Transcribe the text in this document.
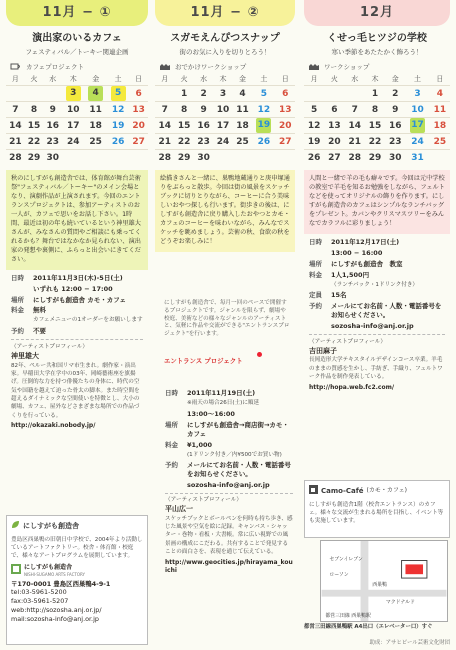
11月 − ①
演出家のいるカフェ
フェスティバル／トーキー関連企画
カフェプロジェクト
月	火	水	木	金	土	日
			3	4	5	6
7	8	9	10	11	12	13
14	15	16	17	18	19	20
21	22	23	24	25	26	27
28	29	30				
秋のにしすがも創造舎では、体育館が舞台芸術祭"フェスティバル／トーキー"のメイン会場となり、演劇作品が上演されます。今回のエントランスプロジェクトは、参加アーティストのお一人が、カフェで思いをお話し下さい。1時間、最近は初の年も続いているという神里雄大さんが、みなさんの質問やご相談にも乗ってくれるかも？舞台ではなかなか見られない、演出家の発想や裏側に、ふらっと出会いにきてください。
日時	2011年11月3日(木)-5日(土)
いずれも 12:00 − 17:00
場所	にしすがも創造舎 カモ・カフェ
料金	無料
カフェメニューの1オーダーをお願いします
予約	不要
（アーティストプロフィール）
神里雄大
82年、ペルー共和国リマ市生まれ。劇作家・演出家。早稲田大学在学中の03年、岡崎藝術座を旗揚げ。圧倒的な力を持つ俳優たちの身体に、時代の空気や国籍を越えて迫った骨太の脚本。また時空間を超えるダイナミックな空間使いを特徴とし、大小の劇場、カフェ、屋外などさまざまな場所での作品づくりを行っている。
http://okazaki.nobody.jp/
にしすがも創造舎
豊島区西巣鴨の旧朝日中学校で、2004年より活動しているアートファクトリー。校舎・体育館・校庭で、様々なアートプログラムを展開しています。
にしすがも創造舎
NISHI-SUGAMO ARTS FACTORY
〒170-0001 豊島区西巣鴨4-9-1
tel:03-5961-5200
fax:03-5961-5207
web:http://sozosha.anj.or.jp/
mail:sozosha-info@anj.or.jp
11月 − ②
スガモえんぴつスナップ
街のお気に入りを切りとろう！
おでかけワークショップ
月	火	水	木	金	土	日
	1	2	3	4	5	6
7	8	9	10	11	12	13
14	15	16	17	18	19	20
21	22	23	24	25	26	27
28	29	30				
絵描きさんと一緒に、巣鴨地蔵通りと庚申塚通りをぶらっと散歩。今回は街の風景をスケッチブックに切りとりながら、コーヒーに合う美味しいおやつ探しも行います。街歩きの後は、にしすがも創造舎に戻り購入したおやつとカモ・カフェのコーヒーを味わいながら、みんなでスケッチを眺めましょう。芸術の秋、食欲の秋をどうぞお楽しみに！
にしすがも創造舎で、毎月一回のペースで開催するプロジェクトです。ジャンルを限らず、劇場や校庭、美術などの様々なジャンルのアーティストと、気軽に作品や交流ができる"エントランスプロジェクト"を行います。
エントランス プロジェクト
日時	2011年11月19日(土)
※雨天の場合26日(土)に順延
13:00〜16:00
場所	にしすがも創造舎→商店街→カモ・カフェ
料金	¥1,000
(1ドリンク付き／内¥500でお買い物)
予約	メールにてお名前・人数・電話番号をお知らせください。
sozosha-info@anj.or.jp
（アーティストプロフィール）
平山広一
スケッチブックとボールペンを何時も持ち歩き、感じた風景や空気を絵に記録。キャンバス・シャッター・巻物・看板・大書帳。常に広い視野での風景画の構成にこだわる。共有することで発見することの面白さを、表現を通じて伝えている。
http://www.geocities.jp/hirayama_kouichi
12月
くせっ毛ヒツジの学校
寒い季節をあたたかく飾ろう！
ワークショップ
月	火	水	木	金	土	日
			1	2	3	4
5	6	7	8	9	10	11
12	13	14	15	16	17	18
19	20	21	22	23	24	25
26	27	28	29	30	31	
人間と一緒で羊の毛も癖々です。今回は元中学校の教室で羊毛を知るお勉強をしながら、フェルトなどを使ってオリジナルの飾りを作ります。にしすがも創造舎のカフェはシンプルなランチバッグをプレゼント。カバンやクリスマスツリーをみんなでカラフルに彩りましょう！
日時	2011年12月17日(土)
13:00 − 16:00
場所	にしすがも創造舎　教室
料金	1人1,500円
（ランチパック・1ドリンク付き）
定員	15名
予約	メールにてお名前・人数・電話番号をお知らせください。
sozosha-info@anj.or.jp
（アーティストプロフィール）
吉田麻子
長岡造形大学テキスタイルデザインコース卒業。羊毛のままの質感を生かし、手紡ぎ、手織り、フェルトワーク作品を制作発表している。
http://hopa.web.fc2.com/
Camo-Café (カモ・カフェ)
にしすがも創造舎1階（校舎エントランス）のカフェ。様々な交流が生まれる場所を目指し、イベント等も実施しています。
セブンイレブン
ローソン
西巣鴨
マクドナルド
都営三田線 西巣鴨駅
都営三田線西巣鴨駅 A4出口（エレベーター口）すぐ
助成：アサヒビール芸術文化財団
